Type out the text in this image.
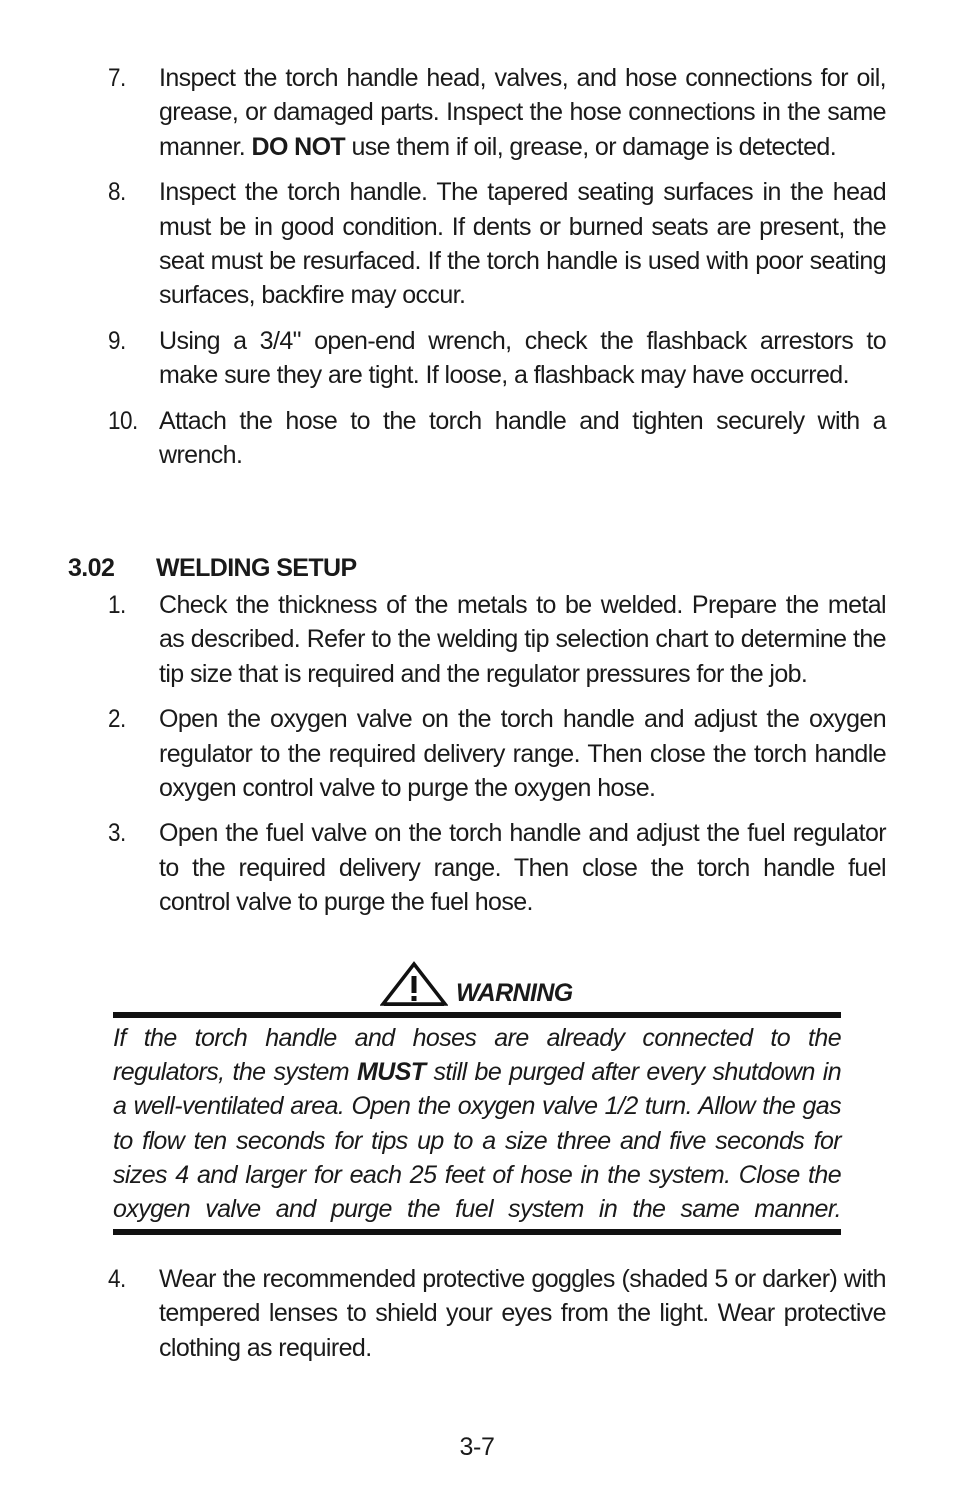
7.	Inspect the torch handle head, valves, and hose connections for oil, grease, or damaged parts. Inspect the hose connections in the same manner. DO NOT use them if oil, grease, or damage is detected.
8.	Inspect the torch handle. The tapered seating surfaces in the head must be in good condition. If dents or burned seats are present, the seat must be resurfaced. If the torch handle is used with poor seating surfaces, backfire may occur.
9.	Using a 3/4" open-end wrench, check the flashback arrestors to make sure they are tight. If loose, a flashback may have occurred.
10. Attach the hose to the torch handle and tighten securely with a wrench.
3.02 WELDING SETUP
1.	Check the thickness of the metals to be welded. Prepare the metal as described. Refer to the welding tip selection chart to determine the tip size that is required and the regulator pressures for the job.
2.	Open the oxygen valve on the torch handle and adjust the oxygen regulator to the required delivery range. Then close the torch handle oxygen control valve to purge the oxygen hose.
3.	Open the fuel valve on the torch handle and adjust the fuel regulator to the required delivery range. Then close the torch handle fuel control valve to purge the fuel hose.
WARNING
If the torch handle and hoses are already connected to the regulators, the system MUST still be purged after every shutdown in a well-ventilated area. Open the oxygen valve 1/2 turn. Allow the gas to flow ten seconds for tips up to a size three and five seconds for sizes 4 and larger for each 25 feet of hose in the system. Close the oxygen valve and purge the fuel system in the same manner.
4.	Wear the recommended protective goggles (shaded 5 or darker) with tempered lenses to shield your eyes from the light. Wear protective clothing as required.
3-7
